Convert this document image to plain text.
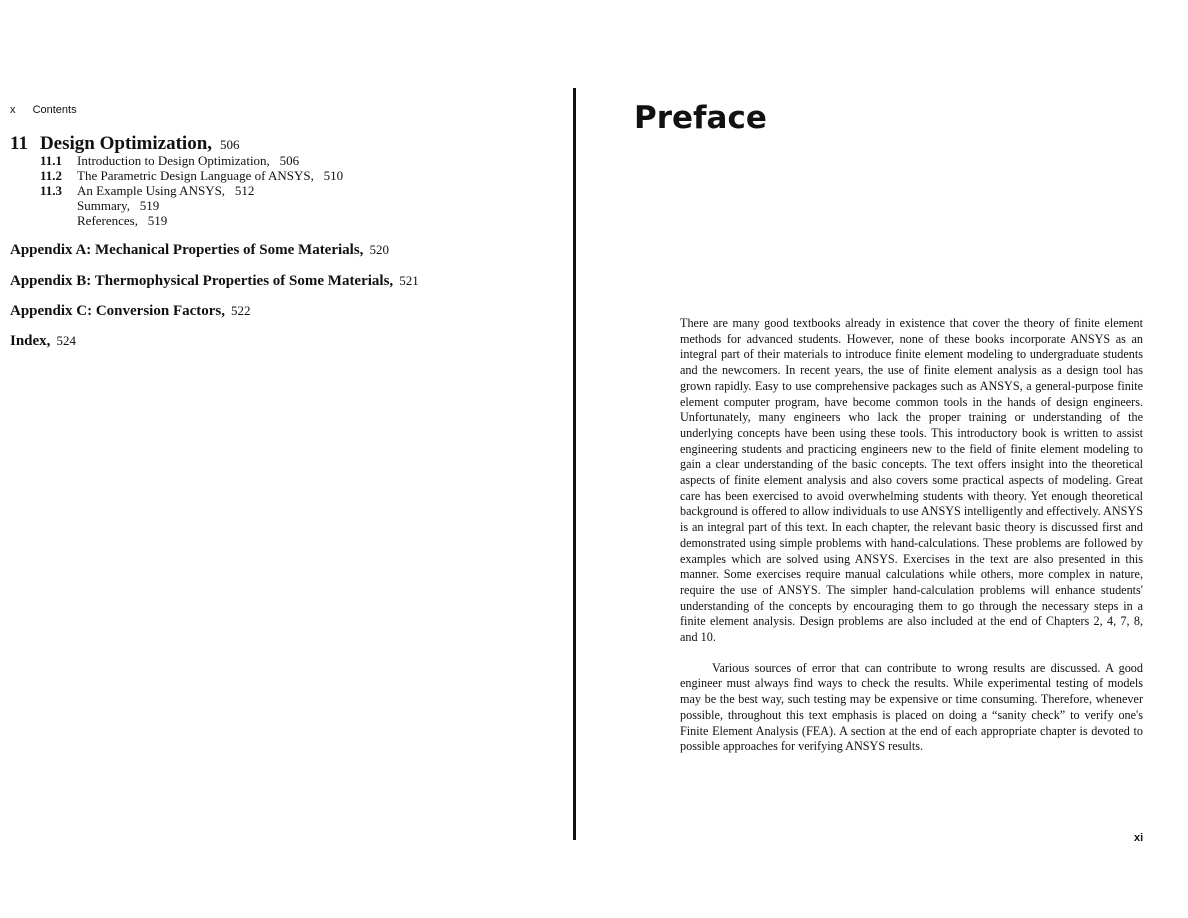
x Contents
11 Design Optimization, 506
11.1 Introduction to Design Optimization, 506
11.2 The Parametric Design Language of ANSYS, 510
11.3 An Example Using ANSYS, 512
Summary, 519
References, 519
Appendix A: Mechanical Properties of Some Materials, 520
Appendix B: Thermophysical Properties of Some Materials, 521
Appendix C: Conversion Factors, 522
Index, 524
Preface

There are many good textbooks already in existence that cover the theory of finite element methods for advanced students. However, none of these books incorporate ANSYS as an integral part of their materials to introduce finite element modeling to undergraduate students and the newcomers. In recent years, the use of finite element analysis as a design tool has grown rapidly. Easy to use comprehensive packages such as ANSYS, a general-purpose finite element computer program, have become common tools in the hands of design engineers. Unfortunately, many engineers who lack the proper training or understanding of the underlying concepts have been using these tools. This introductory book is written to assist engineering students and practicing engineers new to the field of finite element modeling to gain a clear understanding of the basic concepts. The text offers insight into the theoretical aspects of finite element analysis and also covers some practical aspects of modeling. Great care has been exercised to avoid overwhelming students with theory. Yet enough theoretical background is offered to allow individuals to use ANSYS intelligently and effectively. ANSYS is an integral part of this text. In each chapter, the relevant basic theory is discussed first and demonstrated using simple problems with hand-calculations. These problems are followed by examples which are solved using ANSYS. Exercises in the text are also presented in this manner. Some exercises require manual calculations while others, more complex in nature, require the use of ANSYS. The simpler hand-calculation problems will enhance students' understanding of the concepts by encouraging them to go through the necessary steps in a finite element analysis. Design problems are also included at the end of Chapters 2, 4, 7, 8, and 10.

Various sources of error that can contribute to wrong results are discussed. A good engineer must always find ways to check the results. While experimental testing of models may be the best way, such testing may be expensive or time consuming. Therefore, whenever possible, throughout this text emphasis is placed on doing a “sanity check” to verify one's Finite Element Analysis (FEA). A section at the end of each appropriate chapter is devoted to possible approaches for verifying ANSYS results.

xi
